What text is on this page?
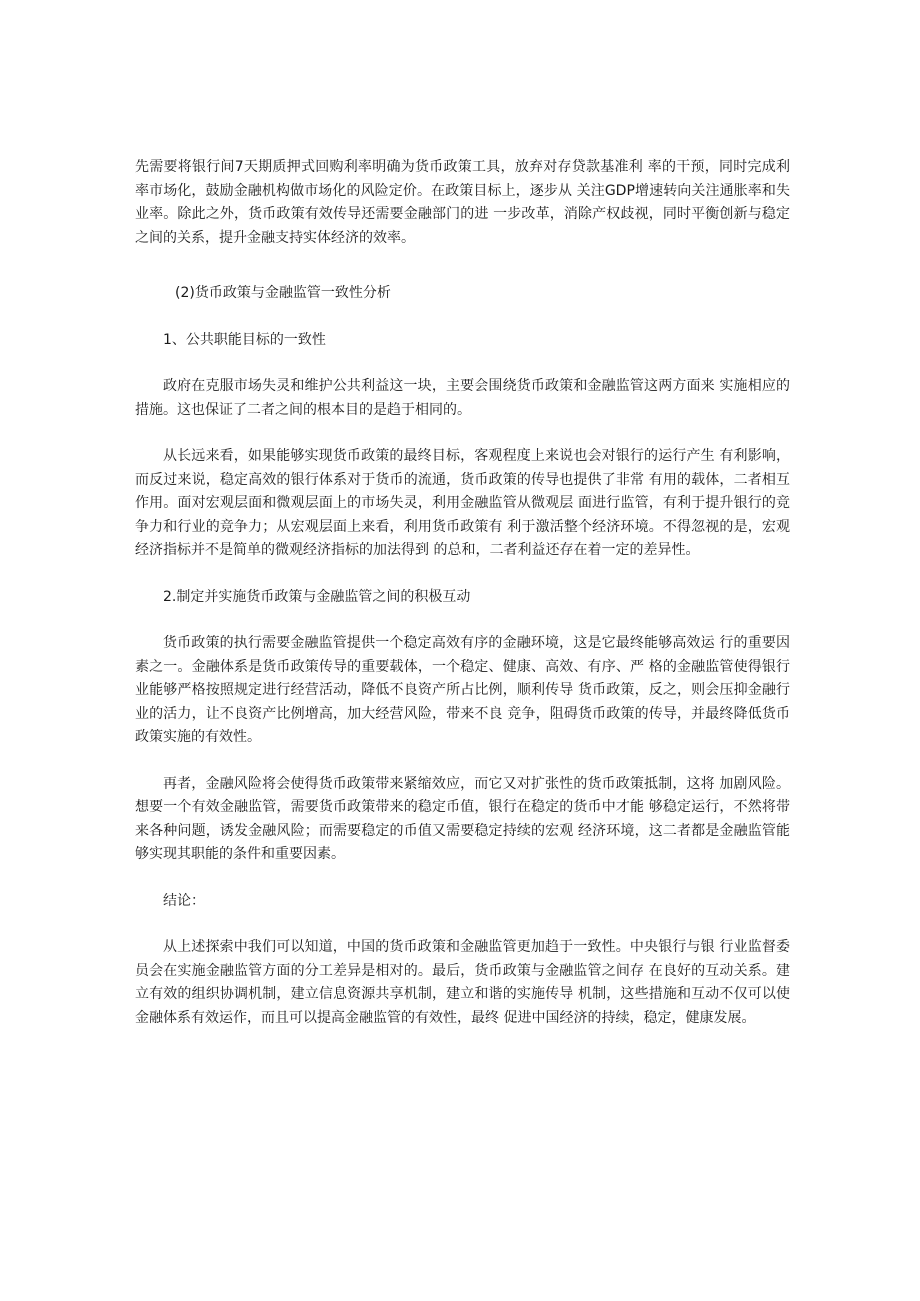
先需要将银行间7天期质押式回购利率明确为货币政策工具，放弃对存贷款基准利 率的干预，同时完成利率市场化，鼓励金融机构做市场化的风险定价。在政策目标上，逐步从 关注GDP增速转向关注通胀率和失业率。除此之外，货币政策有效传导还需要金融部门的进 一步改革，消除产权歧视，同时平衡创新与稳定之间的关系，提升金融支持实体经济的效率。

(2)货币政策与金融监管一致性分析

1、公共职能目标的一致性

政府在克服市场失灵和维护公共利益这一块，主要会围绕货币政策和金融监管这两方面来 实施相应的措施。这也保证了二者之间的根本目的是趋于相同的。

从长远来看，如果能够实现货币政策的最终目标，客观程度上来说也会对银行的运行产生 有利影响，而反过来说，稳定高效的银行体系对于货币的流通，货币政策的传导也提供了非常 有用的载体，二者相互作用。面对宏观层面和微观层面上的市场失灵，利用金融监管从微观层 面进行监管，有利于提升银行的竞争力和行业的竞争力；从宏观层面上来看，利用货币政策有 利于激活整个经济环境。不得忽视的是，宏观经济指标并不是简单的微观经济指标的加法得到 的总和，二者利益还存在着一定的差异性。

2.制定并实施货币政策与金融监管之间的积极互动

货币政策的执行需要金融监管提供一个稳定高效有序的金融环境，这是它最终能够高效运 行的重要因素之一。金融体系是货币政策传导的重要载体，一个稳定、健康、高效、有序、严 格的金融监管使得银行业能够严格按照规定进行经营活动，降低不良资产所占比例，顺利传导 货币政策，反之，则会压抑金融行业的活力，让不良资产比例增高，加大经营风险，带来不良 竞争，阻碍货币政策的传导，并最终降低货币政策实施的有效性。

再者，金融风险将会使得货币政策带来紧缩效应，而它又对扩张性的货币政策抵制，这将 加剧风险。想要一个有效金融监管，需要货币政策带来的稳定币值，银行在稳定的货币中才能 够稳定运行，不然将带来各种问题，诱发金融风险；而需要稳定的币值又需要稳定持续的宏观 经济环境，这二者都是金融监管能够实现其职能的条件和重要因素。

结论：

从上述探索中我们可以知道，中国的货币政策和金融监管更加趋于一致性。中央银行与银 行业监督委员会在实施金融监管方面的分工差异是相对的。最后，货币政策与金融监管之间存 在良好的互动关系。建立有效的组织协调机制，建立信息资源共享机制，建立和谐的实施传导 机制，这些措施和互动不仅可以使金融体系有效运作，而且可以提高金融监管的有效性，最终 促进中国经济的持续，稳定，健康发展。
